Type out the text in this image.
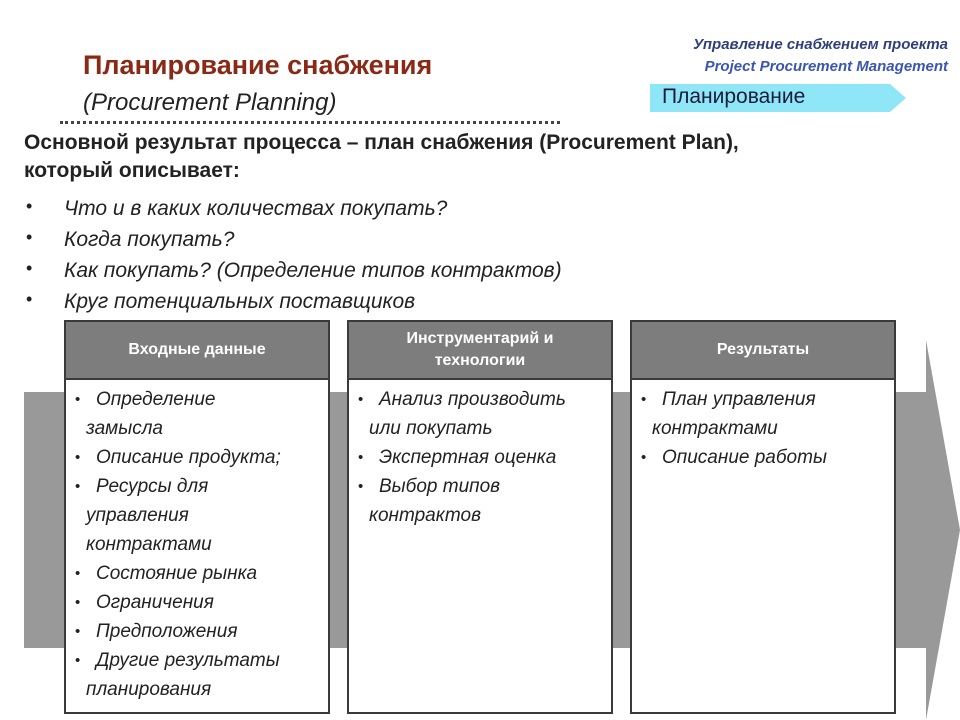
Планирование снабжения
(Procurement Planning)
Управление снабжением проекта
Project Procurement Management
Планирование
Основной результат процесса – план снабжения (Procurement Plan),
который описывает:
• Что и в каких количествах покупать?
• Когда покупать?
• Как покупать? (Определение типов контрактов)
• Круг потенциальных поставщиков
Входные данные
• Определение
замысла
• Описание продукта;
• Ресурсы для
управления
контрактами
• Состояние рынка
• Ограничения
• Предположения
• Другие результаты
планирования
Инструментарий и
технологии
• Анализ производить
или покупать
• Экспертная оценка
• Выбор типов
контрактов
Результаты
• План управления
контрактами
• Описание работы
